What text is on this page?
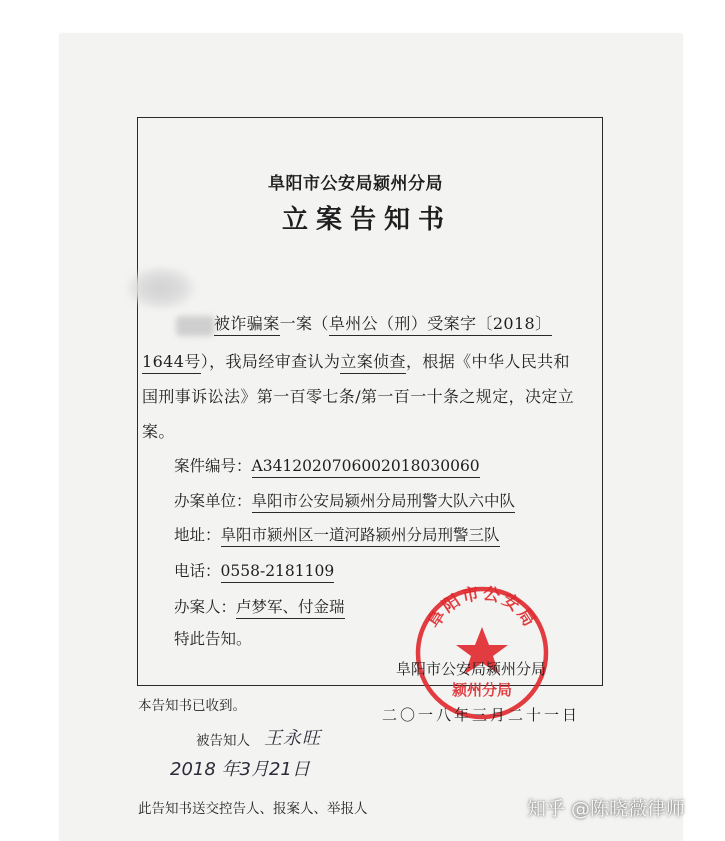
阜阳市公安局颍州分局
立案告知书
被诈骗案一案（阜州公（刑）受案字〔2018〕
1644号），我局经审查认为立案侦查，根据《中华人民共和
国刑事诉讼法》第一百零七条/第一百一十条之规定，决定立
案。
案件编号：A3412020706002018030060
办案单位：阜阳市公安局颍州分局刑警大队六中队
地址：阜阳市颍州区一道河路颍州分局刑警三队
电话：0558-2181109
办案人：卢梦军、付金瑞
特此告知。
阜阳市公安局
颍州分局
阜阳市公安局颍州分局
二〇一八年三月二十一日
本告知书已收到。
被告知人 王永旺
2018 年3月21日
此告知书送交控告人、报案人、举报人	知乎 @陈晓薇律师
